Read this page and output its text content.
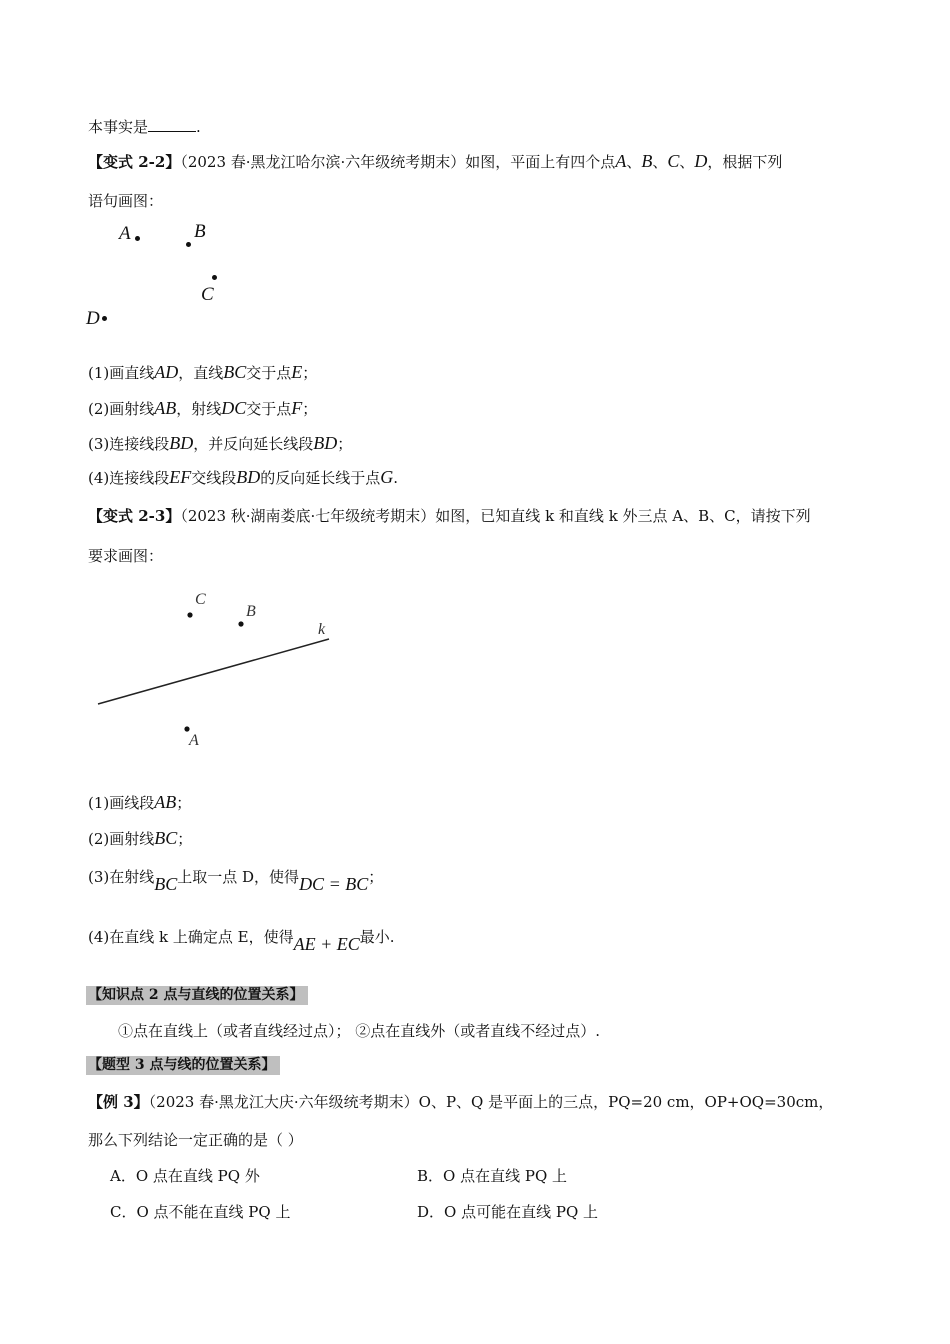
本事实是	.
【变式 2-2】（2023 春·黑龙江哈尔滨·六年级统考期末）如图，平面上有四个点A、B、C、D，根据下列
语句画图：
A	B
C
D
(1)画直线AD，直线BC交于点E；
(2)画射线AB，射线DC交于点F；
(3)连接线段BD，并反向延长线段BD；
(4)连接线段EF交线段BD的反向延长线于点G.
【变式 2-3】（2023 秋·湖南娄底·七年级统考期末）如图，已知直线 k 和直线 k 外三点 A、B、C，请按下列
要求画图：
C
B
k
A
(1)画线段AB；
(2)画射线BC；
(3)在射线BC上取一点 D，使得DC = BC；
(4)在直线 k 上确定点 E，使得AE + EC最小.
【知识点 2 点与直线的位置关系】
①点在直线上（或者直线经过点）； ②点在直线外（或者直线不经过点）.
【题型 3 点与线的位置关系】
【例 3】（2023 春·黑龙江大庆·六年级统考期末）O、P、Q 是平面上的三点，PQ=20 cm，OP+OQ=30cm，
那么下列结论一定正确的是（ ）
A．O 点在直线 PQ 外	B．O 点在直线 PQ 上
C．O 点不能在直线 PQ 上	D．O 点可能在直线 PQ 上
